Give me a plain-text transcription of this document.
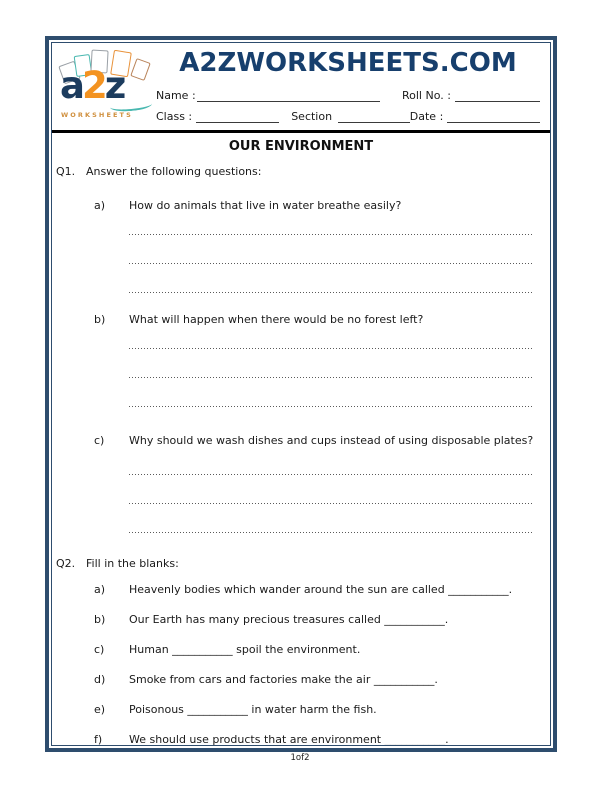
a2z
WORKSHEETS
A2ZWORKSHEETS.COM
Name :	Roll No. :
Class :	Section	Date :
OUR ENVIRONMENT
Q1. Answer the following questions:
a)	How do animals that live in water breathe easily?
b)	What will happen when there would be no forest left?
c)	Why should we wash dishes and cups instead of using disposable plates?
Q2. Fill in the blanks:
a)	Heavenly bodies which wander around the sun are called ___________.
b)	Our Earth has many precious treasures called ___________.
c)	Human ___________ spoil the environment.
d)	Smoke from cars and factories make the air ___________.
e)	Poisonous ___________ in water harm the fish.
f)	We should use products that are environment ___________.
1of2
